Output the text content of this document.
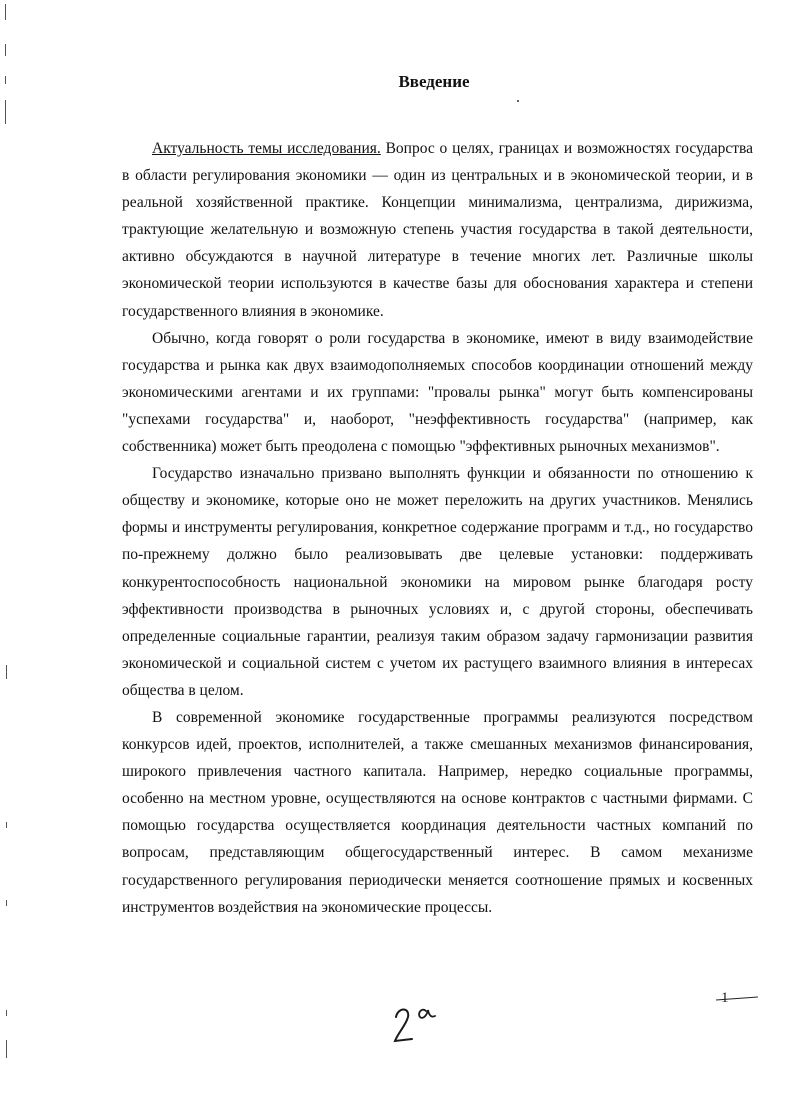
Введение

Актуальность темы исследования. Вопрос о целях, границах и возможностях государства в области регулирования экономики — один из центральных и в экономической теории, и в реальной хозяйственной практике. Концепции минимализма, централизма, дирижизма, трактующие желательную и возможную степень участия государства в такой деятельности, активно обсуждаются в научной литературе в течение многих лет. Различные школы экономической теории используются в качестве базы для обоснования характера и степени государственного влияния в экономике.

Обычно, когда говорят о роли государства в экономике, имеют в виду взаимодействие государства и рынка как двух взаимодополняемых способов координации отношений между экономическими агентами и их группами: "провалы рынка" могут быть компенсированы "успехами государства" и, наоборот, "неэффективность государства" (например, как собственника) может быть преодолена с помощью "эффективных рыночных механизмов".

Государство изначально призвано выполнять функции и обязанности по отношению к обществу и экономике, которые оно не может переложить на других участников. Менялись формы и инструменты регулирования, конкретное содержание программ и т.д., но государство по-прежнему должно было реализовывать две целевые установки: поддерживать конкурентоспособность национальной экономики на мировом рынке благодаря росту эффективности производства в рыночных условиях и, с другой стороны, обеспечивать определенные социальные гарантии, реализуя таким образом задачу гармонизации развития экономической и социальной систем с учетом их растущего взаимного влияния в интересах общества в целом.

В современной экономике государственные программы реализуются посредством конкурсов идей, проектов, исполнителей, а также смешанных механизмов финансирования, широкого привлечения частного капитала. Например, нередко социальные программы, особенно на местном уровне, осуществляются на основе контрактов с частными фирмами. С помощью государства осуществляется координация деятельности частных компаний по вопросам, представляющим общегосударственный интерес. В самом механизме государственного регулирования периодически меняется соотношение прямых и косвенных инструментов воздействия на экономические процессы.
